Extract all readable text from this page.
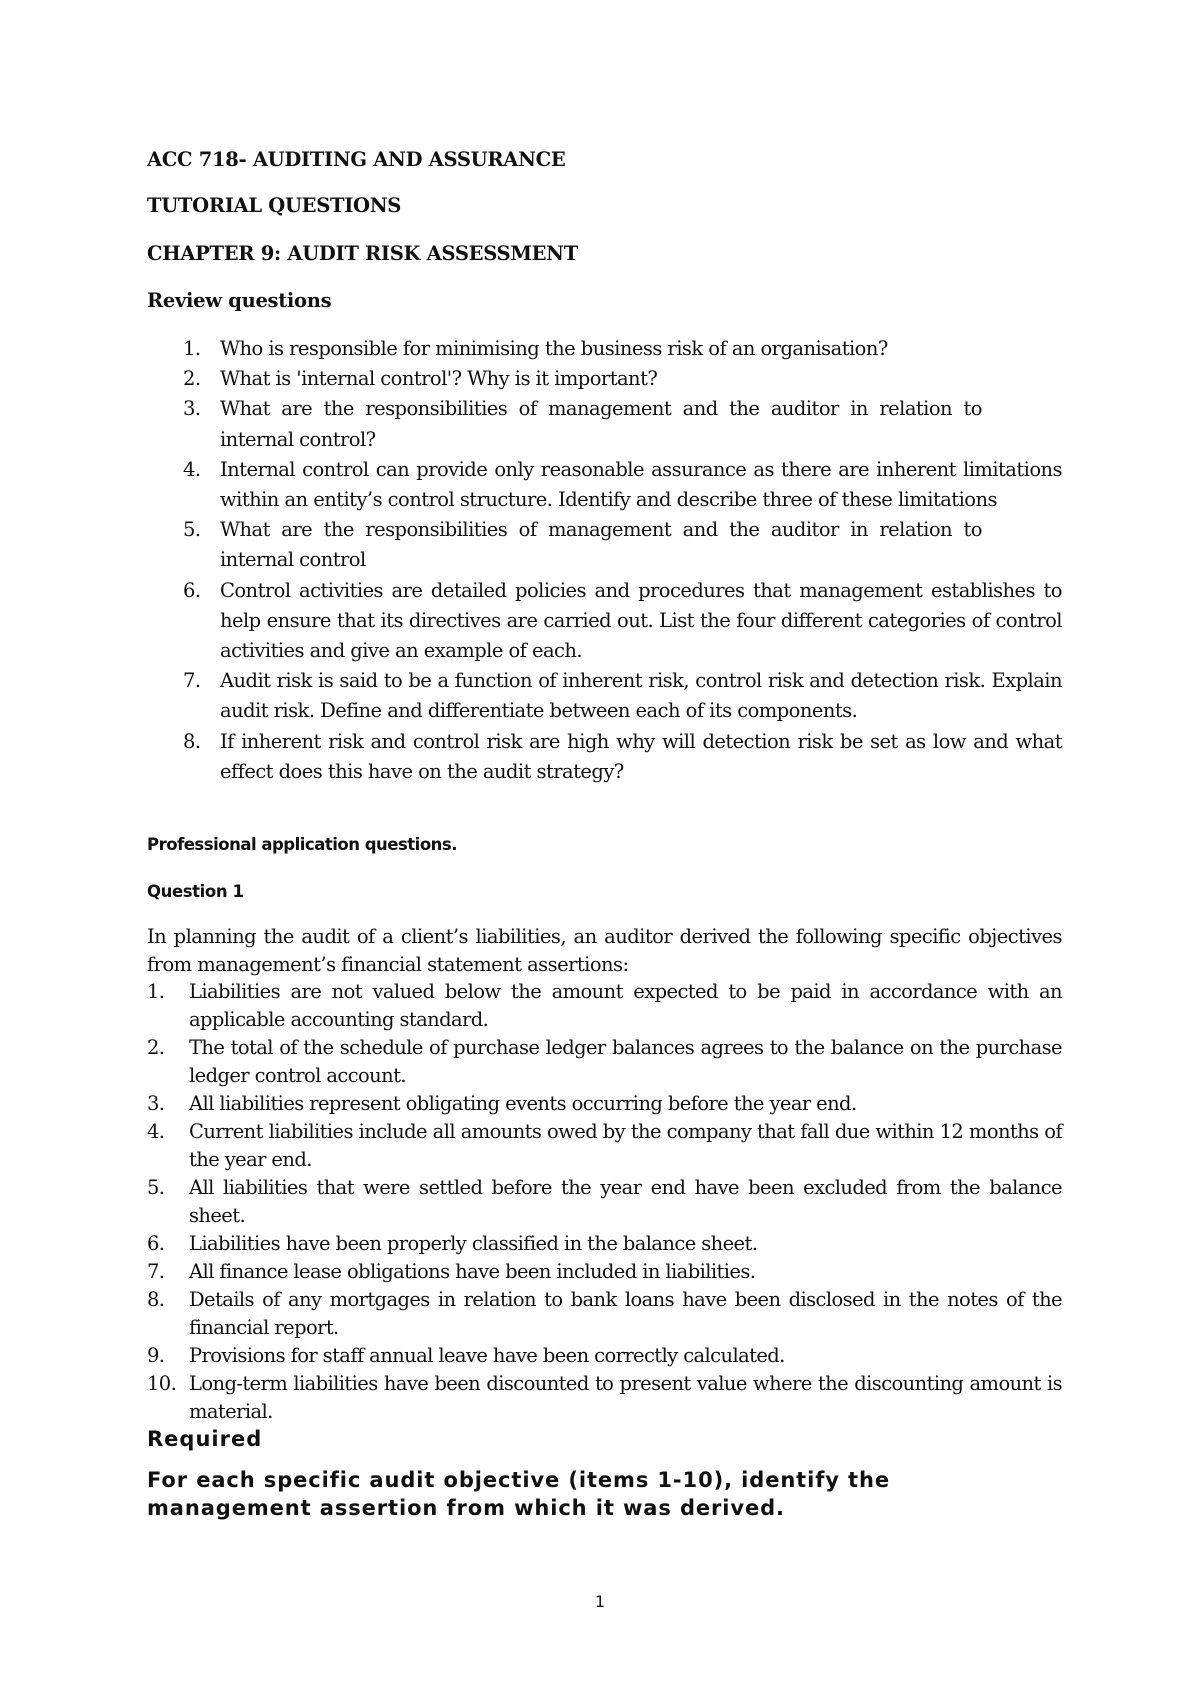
ACC 718- AUDITING AND ASSURANCE

TUTORIAL QUESTIONS

CHAPTER 9: AUDIT RISK ASSESSMENT

Review questions

1. Who is responsible for minimising the business risk of an organisation?
2. What is 'internal control'? Why is it important?
3. What are the responsibilities of management and the auditor in relation to internal control?
4. Internal control can provide only reasonable assurance as there are inherent limitations within an entity’s control structure. Identify and describe three of these limitations
5. What are the responsibilities of management and the auditor in relation to internal control
6. Control activities are detailed policies and procedures that management establishes to help ensure that its directives are carried out. List the four different categories of control activities and give an example of each.
7. Audit risk is said to be a function of inherent risk, control risk and detection risk. Explain audit risk. Define and differentiate between each of its components.
8. If inherent risk and control risk are high why will detection risk be set as low and what effect does this have on the audit strategy?

Professional application questions.

Question 1

In planning the audit of a client’s liabilities, an auditor derived the following specific objectives from management’s financial statement assertions:

1. Liabilities are not valued below the amount expected to be paid in accordance with an applicable accounting standard.
2. The total of the schedule of purchase ledger balances agrees to the balance on the purchase ledger control account.
3. All liabilities represent obligating events occurring before the year end.
4. Current liabilities include all amounts owed by the company that fall due within 12 months of the year end.
5. All liabilities that were settled before the year end have been excluded from the balance sheet.
6. Liabilities have been properly classified in the balance sheet.
7. All finance lease obligations have been included in liabilities.
8. Details of any mortgages in relation to bank loans have been disclosed in the notes of the financial report.
9. Provisions for staff annual leave have been correctly calculated.
10. Long-term liabilities have been discounted to present value where the discounting amount is material.

Required

For each specific audit objective (items 1-10), identify the management assertion from which it was derived.

1
